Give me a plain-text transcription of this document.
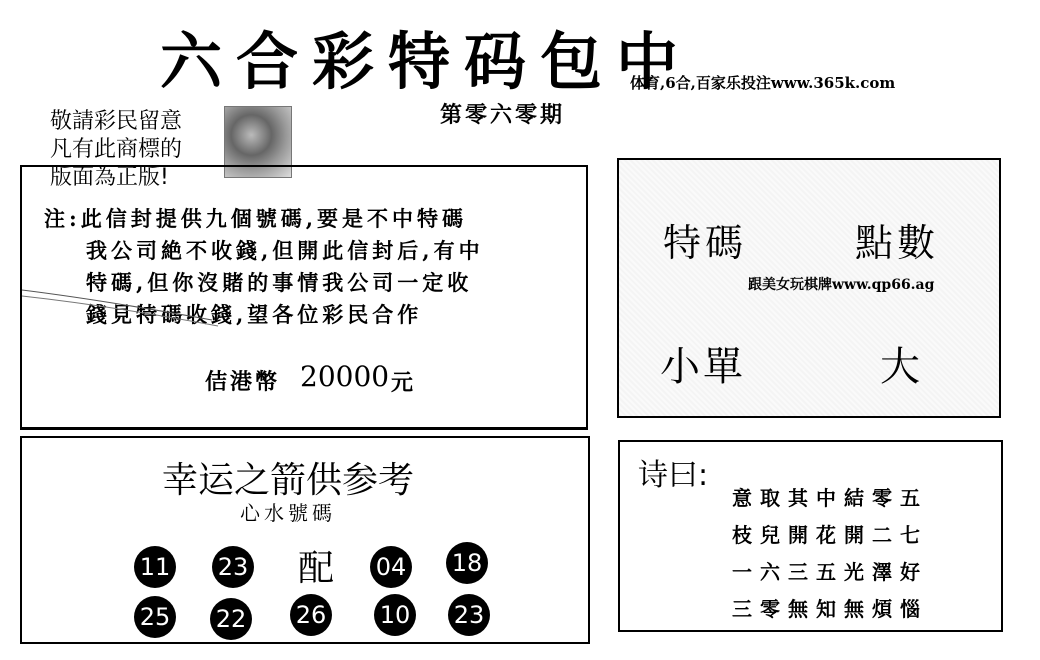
六合彩特码包中
体育,6合,百家乐投注www.365k.com
第零六零期
敬請彩民留意
凡有此商標的
版面為正版!
注:此信封提供九個號碼,要是不中特碼
我公司絶不收錢,但開此信封后,有中
特碼,但你沒賭的事情我公司一定收
錢見特碼收錢,望各位彩民合作
佶港幣 20000 元
特碼	點數
跟美女玩棋牌www.qp66.ag
小單	大
幸运之箭供参考
心水號碼
11 23 配 04 18
25 22 26 10 23
诗曰:
意取其中結零五
枝兒開花開二七
一六三五光澤好
三零無知無煩惱
